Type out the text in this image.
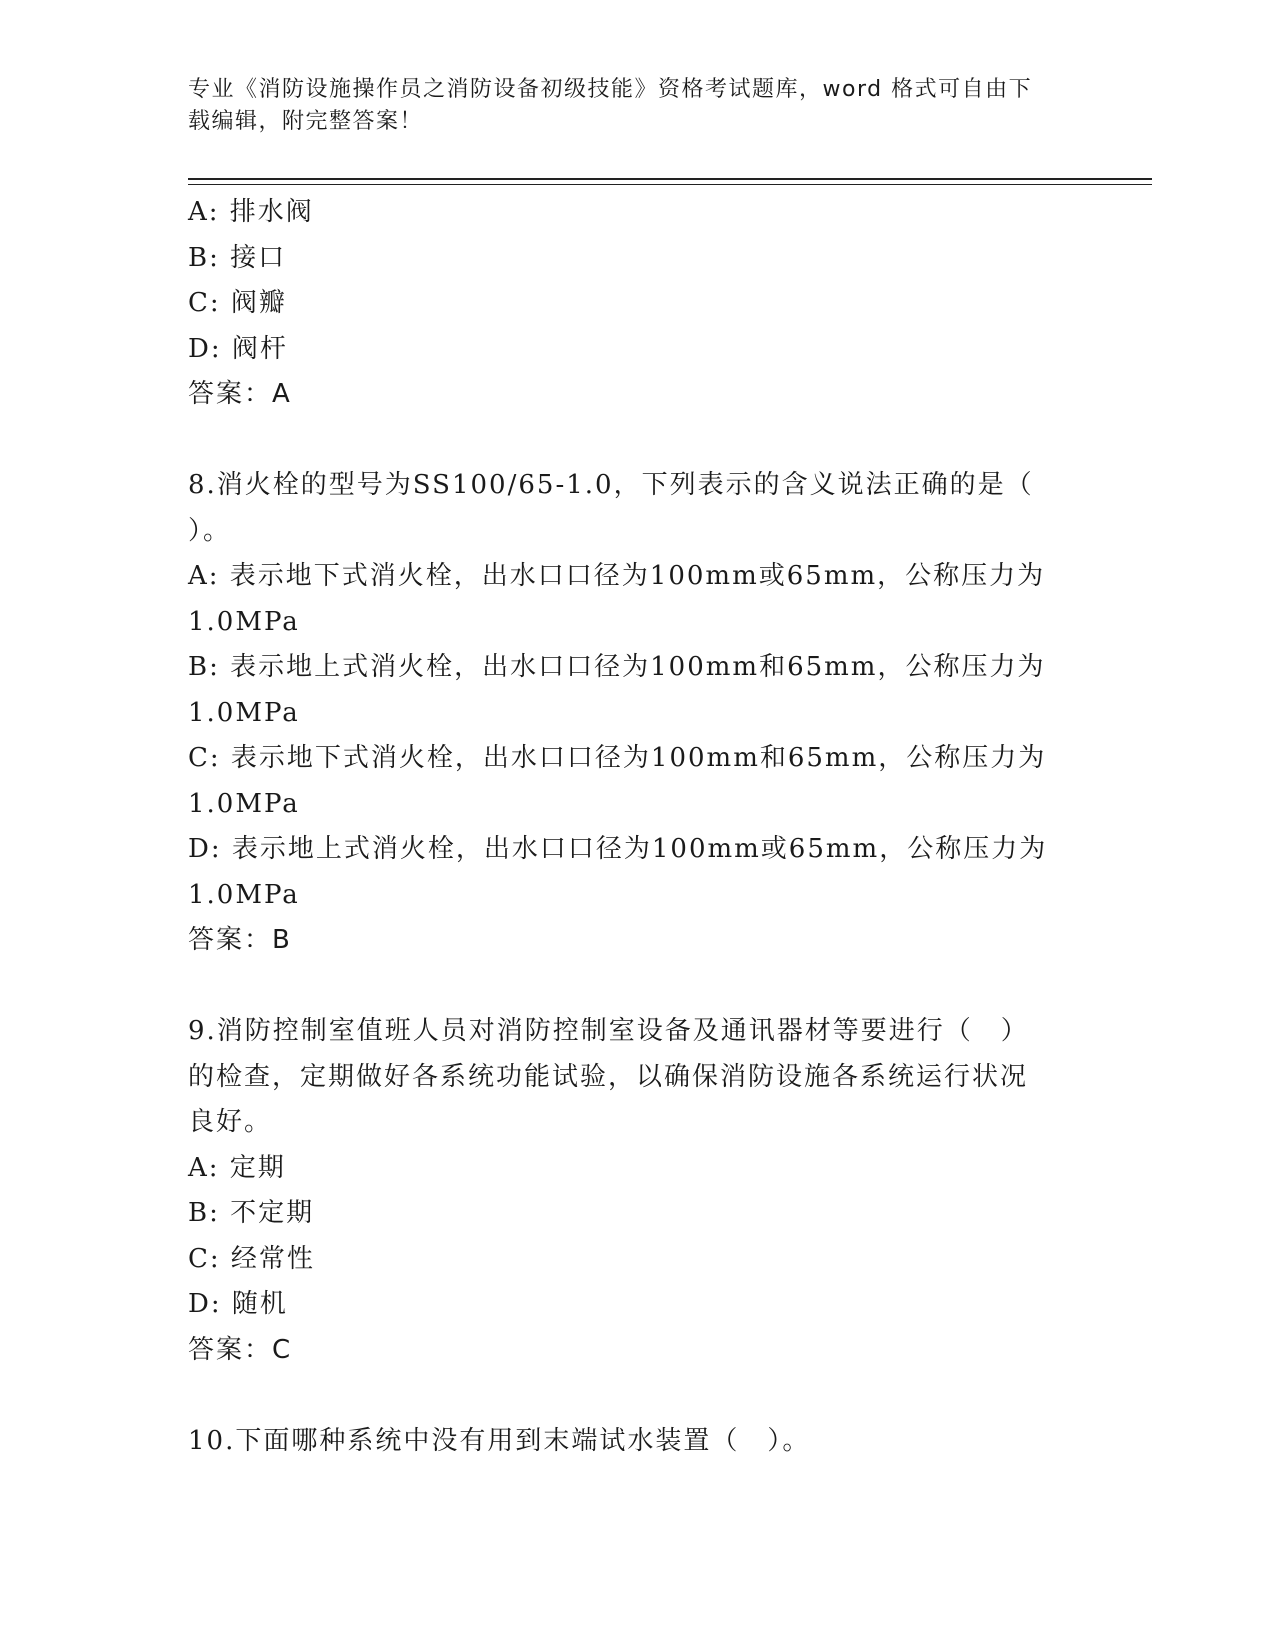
专业《消防设施操作员之消防设备初级技能》资格考试题库，word 格式可自由下
载编辑，附完整答案！
A: 排水阀
B: 接口
C: 阀瓣
D: 阀杆
答案：A
8.消火栓的型号为SS100/65-1.0，下列表示的含义说法正确的是（
）。
A: 表示地下式消火栓，出水口口径为100mm或65mm，公称压力为
1.0MPa
B: 表示地上式消火栓，出水口口径为100mm和65mm，公称压力为
1.0MPa
C: 表示地下式消火栓，出水口口径为100mm和65mm，公称压力为
1.0MPa
D: 表示地上式消火栓，出水口口径为100mm或65mm，公称压力为
1.0MPa
答案：B
9.消防控制室值班人员对消防控制室设备及通讯器材等要进行（　）
的检查，定期做好各系统功能试验，以确保消防设施各系统运行状况
良好。
A: 定期
B: 不定期
C: 经常性
D: 随机
答案：C
10.下面哪种系统中没有用到末端试水装置（　）。
